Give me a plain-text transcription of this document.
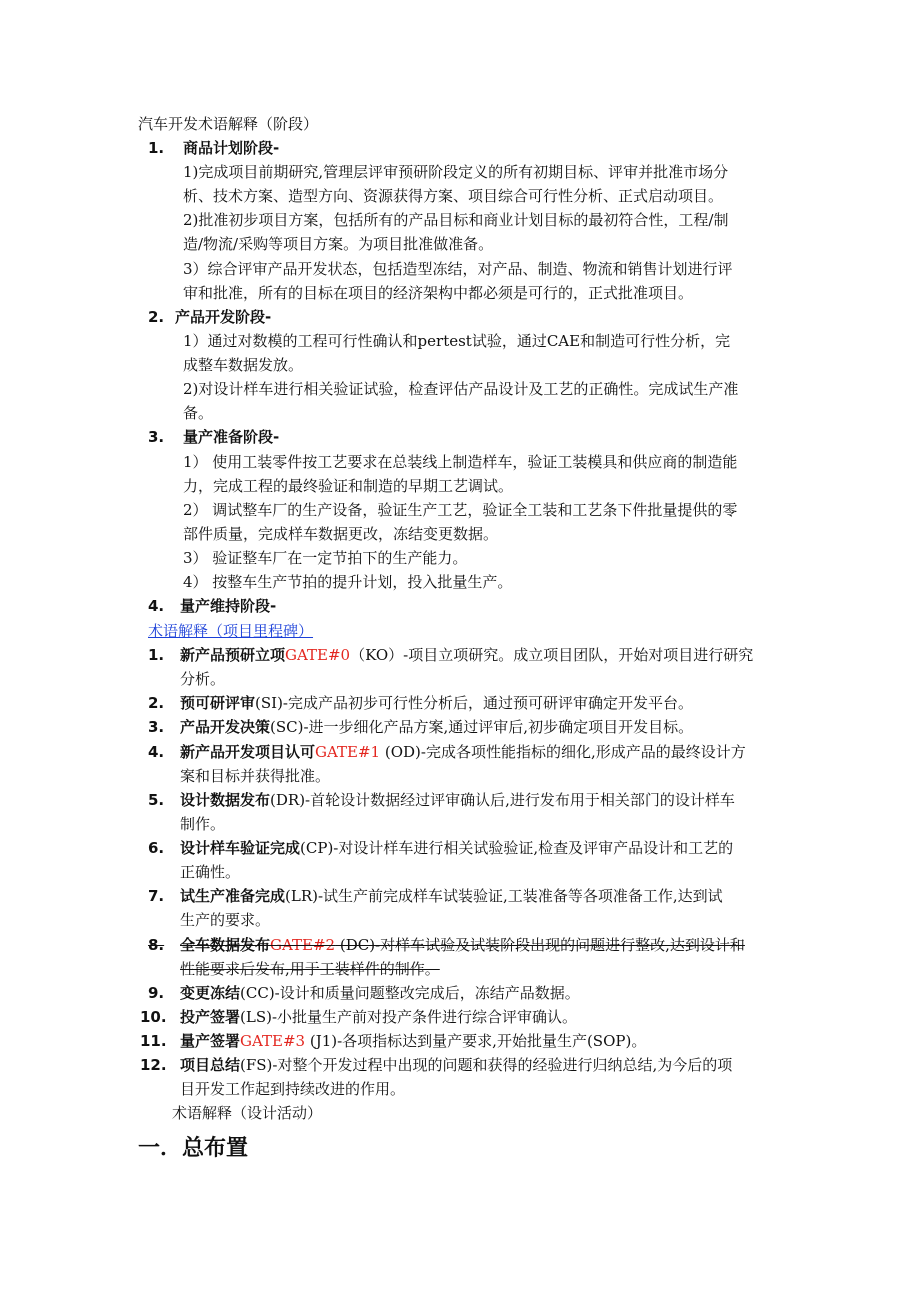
汽车开发术语解释（阶段）
1. 商品计划阶段-
1)完成项目前期研究,管理层评审预研阶段定义的所有初期目标、评审并批准市场分
析、技术方案、造型方向、资源获得方案、项目综合可行性分析、正式启动项目。
2)批准初步项目方案，包括所有的产品目标和商业计划目标的最初符合性，工程/制
造/物流/采购等项目方案。为项目批准做准备。
3）综合评审产品开发状态，包括造型冻结，对产品、制造、物流和销售计划进行评
审和批准，所有的目标在项目的经济架构中都必须是可行的，正式批准项目。
2. 产品开发阶段-
1）通过对数模的工程可行性确认和pertest试验，通过CAE和制造可行性分析，完
成整车数据发放。
2)对设计样车进行相关验证试验，检查评估产品设计及工艺的正确性。完成试生产准
备。
3. 量产准备阶段-
1） 使用工装零件按工艺要求在总装线上制造样车，验证工装模具和供应商的制造能
力，完成工程的最终验证和制造的早期工艺调试。
2） 调试整车厂的生产设备，验证生产工艺，验证全工装和工艺条下件批量提供的零
部件质量，完成样车数据更改，冻结变更数据。
3） 验证整车厂在一定节拍下的生产能力。
4） 按整车生产节拍的提升计划，投入批量生产。
4. 量产维持阶段-
术语解释（项目里程碑）
1. 新产品预研立项GATE#0（KO）-项目立项研究。成立项目团队，开始对项目进行研究
分析。
2. 预可研评审(SI)-完成产品初步可行性分析后，通过预可研评审确定开发平台。
3. 产品开发决策(SC)-进一步细化产品方案,通过评审后,初步确定项目开发目标。
4. 新产品开发项目认可GATE#1 (OD)-完成各项性能指标的细化,形成产品的最终设计方
案和目标并获得批准。
5. 设计数据发布(DR)-首轮设计数据经过评审确认后,进行发布用于相关部门的设计样车
制作。
6. 设计样车验证完成(CP)-对设计样车进行相关试验验证,检查及评审产品设计和工艺的
正确性。
7. 试生产准备完成(LR)-试生产前完成样车试装验证,工装准备等各项准备工作,达到试
生产的要求。
8. 全车数据发布GATE#2 (DC)-对样车试验及试装阶段出现的问题进行整改,达到设计和
性能要求后发布,用于工装样件的制作。
9. 变更冻结(CC)-设计和质量问题整改完成后，冻结产品数据。
10. 投产签署(LS)-小批量生产前对投产条件进行综合评审确认。
11. 量产签署GATE#3 (J1)-各项指标达到量产要求,开始批量生产(SOP)。
12. 项目总结(FS)-对整个开发过程中出现的问题和获得的经验进行归纳总结,为今后的项
目开发工作起到持续改进的作用。
术语解释（设计活动）
一．总布置
